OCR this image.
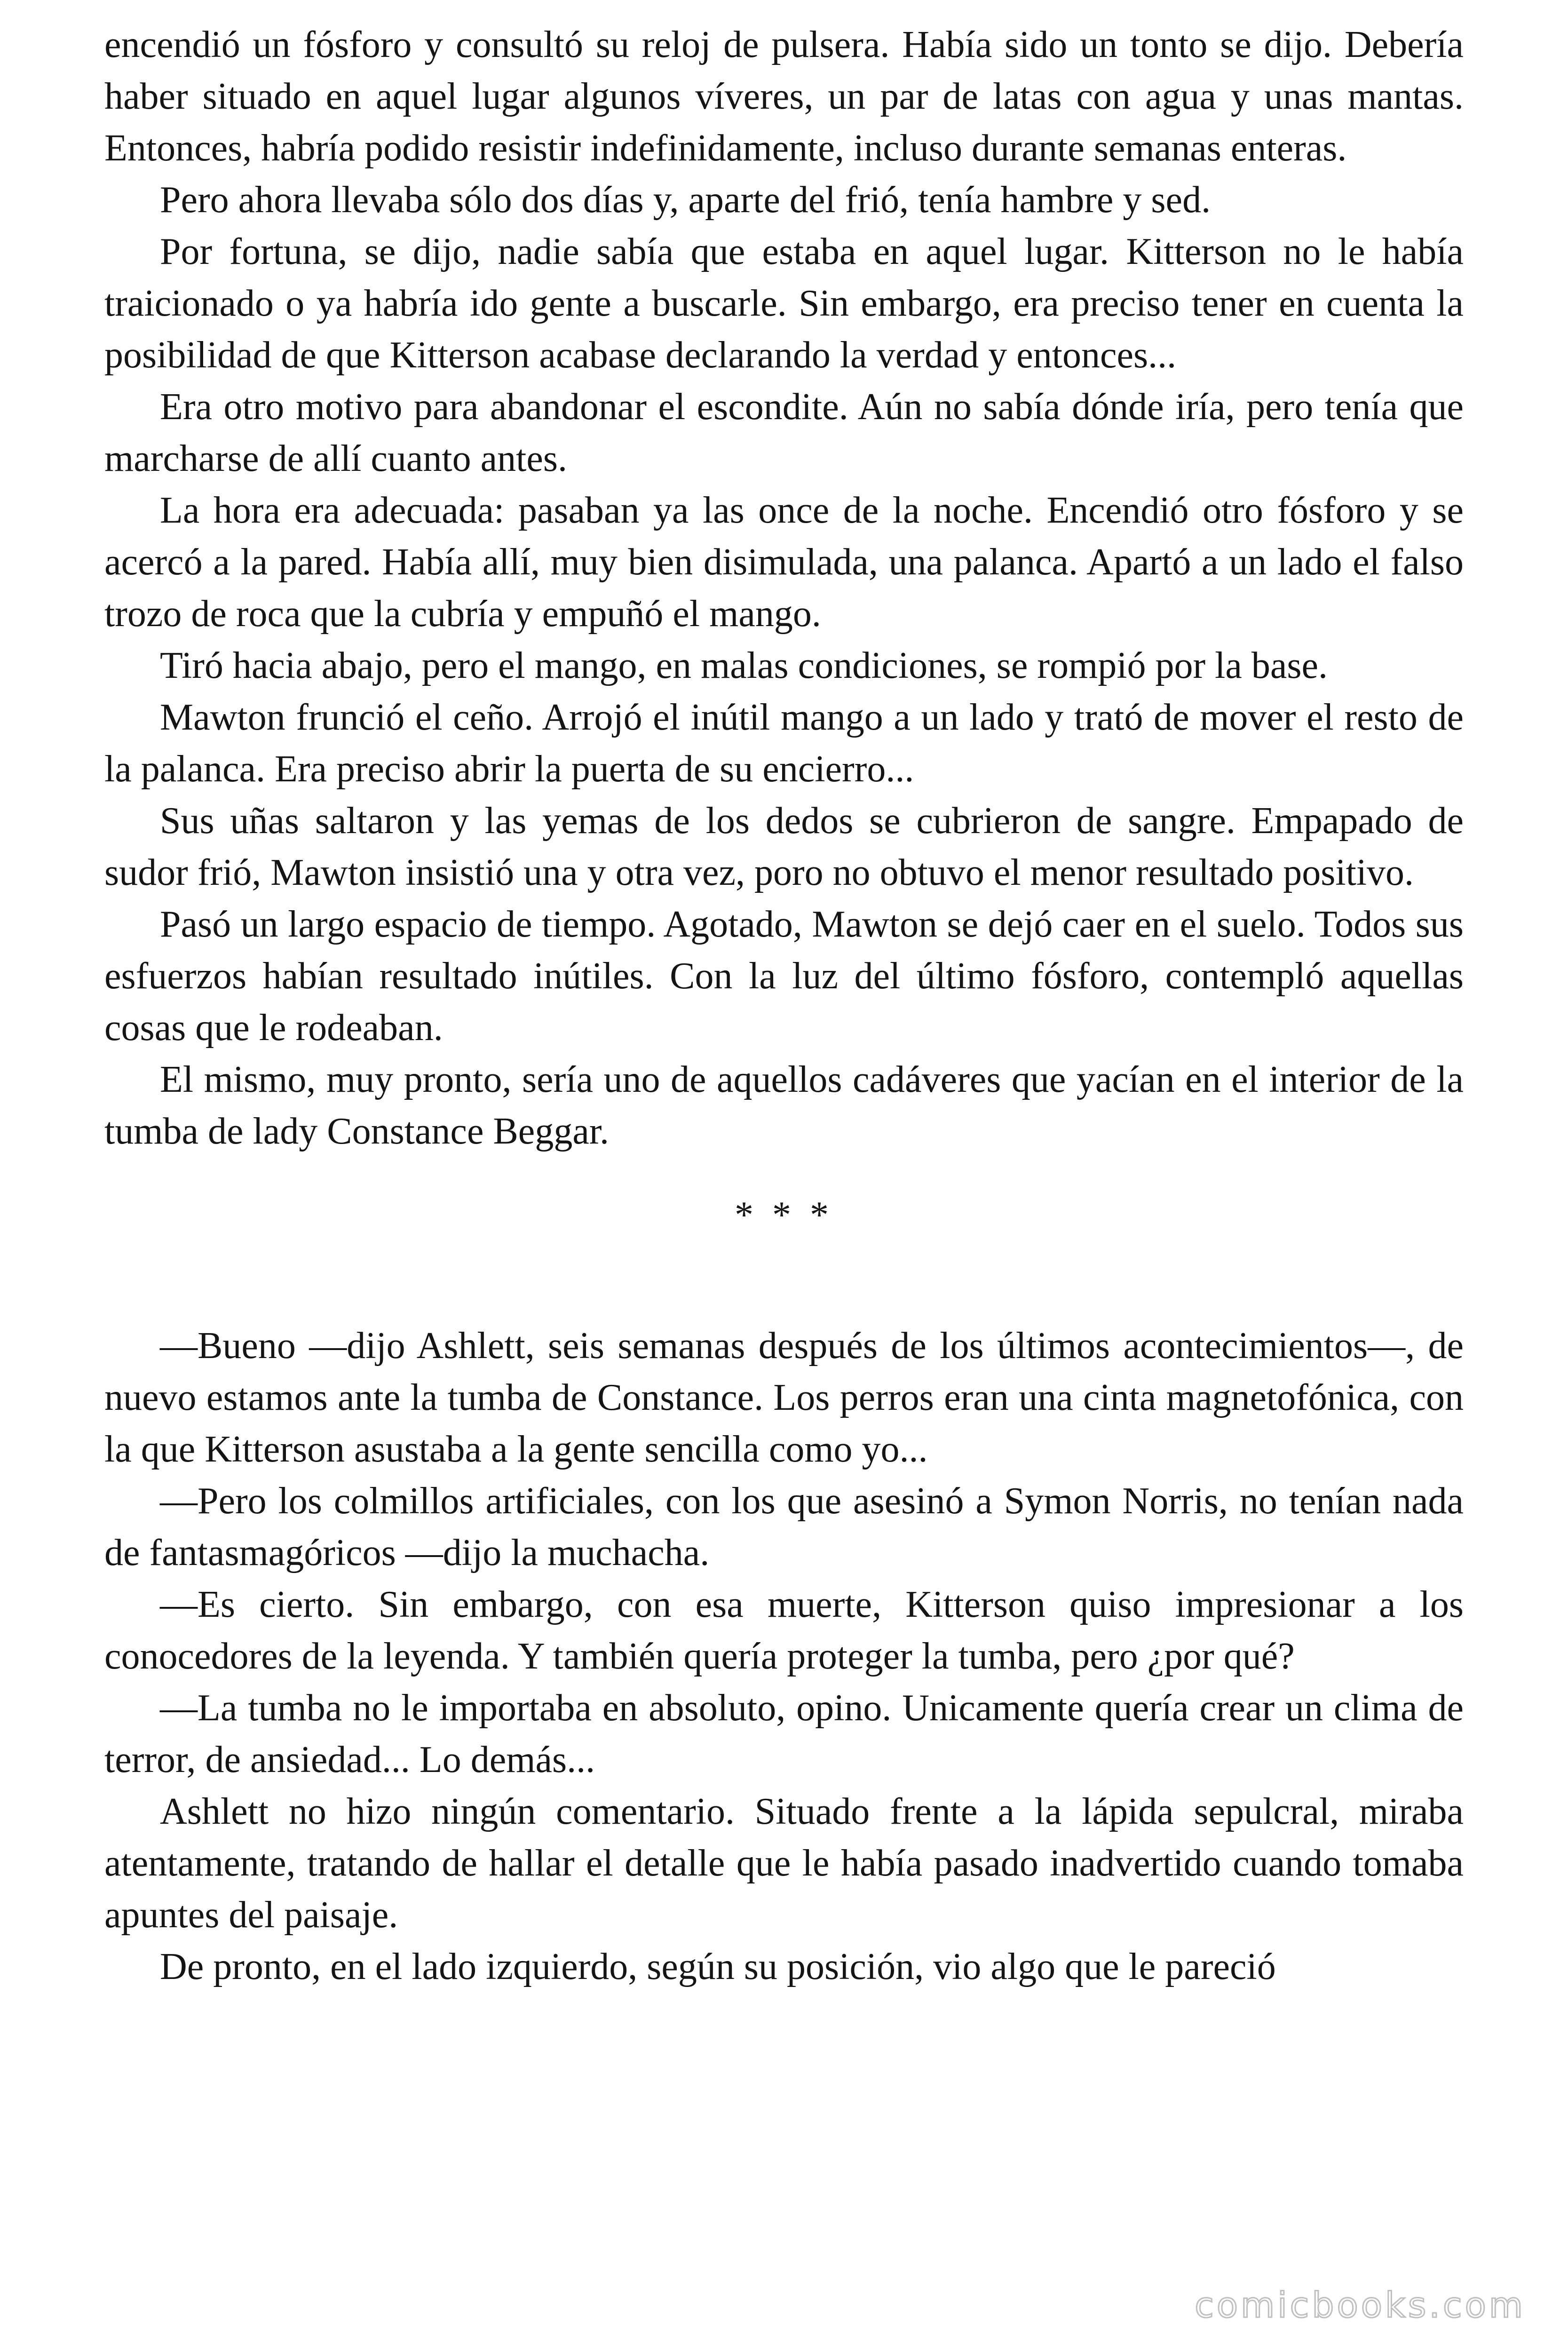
encendió un fósforo y consultó su reloj de pulsera. Había sido un tonto se dijo. Debería haber situado en aquel lugar algunos víveres, un par de latas con agua y unas mantas. Entonces, habría podido resistir indefinidamente, incluso durante semanas enteras.

Pero ahora llevaba sólo dos días y, aparte del frió, tenía hambre y sed.

Por fortuna, se dijo, nadie sabía que estaba en aquel lugar. Kitterson no le había traicionado o ya habría ido gente a buscarle. Sin embargo, era preciso tener en cuenta la posibilidad de que Kitterson acabase declarando la verdad y entonces...

Era otro motivo para abandonar el escondite. Aún no sabía dónde iría, pero tenía que marcharse de allí cuanto antes.

La hora era adecuada: pasaban ya las once de la noche. Encendió otro fósforo y se acercó a la pared. Había allí, muy bien disimulada, una palanca. Apartó a un lado el falso trozo de roca que la cubría y empuñó el mango.

Tiró hacia abajo, pero el mango, en malas condiciones, se rompió por la base.

Mawton frunció el ceño. Arrojó el inútil mango a un lado y trató de mover el resto de la palanca. Era preciso abrir la puerta de su encierro...

Sus uñas saltaron y las yemas de los dedos se cubrieron de sangre. Empapado de sudor frió, Mawton insistió una y otra vez, poro no obtuvo el menor resultado positivo.

Pasó un largo espacio de tiempo. Agotado, Mawton se dejó caer en el suelo. Todos sus esfuerzos habían resultado inútiles. Con la luz del último fósforo, contempló aquellas cosas que le rodeaban.

El mismo, muy pronto, sería uno de aquellos cadáveres que yacían en el interior de la tumba de lady Constance Beggar.

* * *

—Bueno —dijo Ashlett, seis semanas después de los últimos acontecimientos—, de nuevo estamos ante la tumba de Constance. Los perros eran una cinta magnetofónica, con la que Kitterson asustaba a la gente sencilla como yo...

—Pero los colmillos artificiales, con los que asesinó a Symon Norris, no tenían nada de fantasmagóricos —dijo la muchacha.

—Es cierto. Sin embargo, con esa muerte, Kitterson quiso impresionar a los conocedores de la leyenda. Y también quería proteger la tumba, pero ¿por qué?

—La tumba no le importaba en absoluto, opino. Unicamente quería crear un clima de terror, de ansiedad... Lo demás...

Ashlett no hizo ningún comentario. Situado frente a la lápida sepulcral, miraba atentamente, tratando de hallar el detalle que le había pasado inadvertido cuando tomaba apuntes del paisaje.

De pronto, en el lado izquierdo, según su posición, vio algo que le pareció

comicbooks.com
